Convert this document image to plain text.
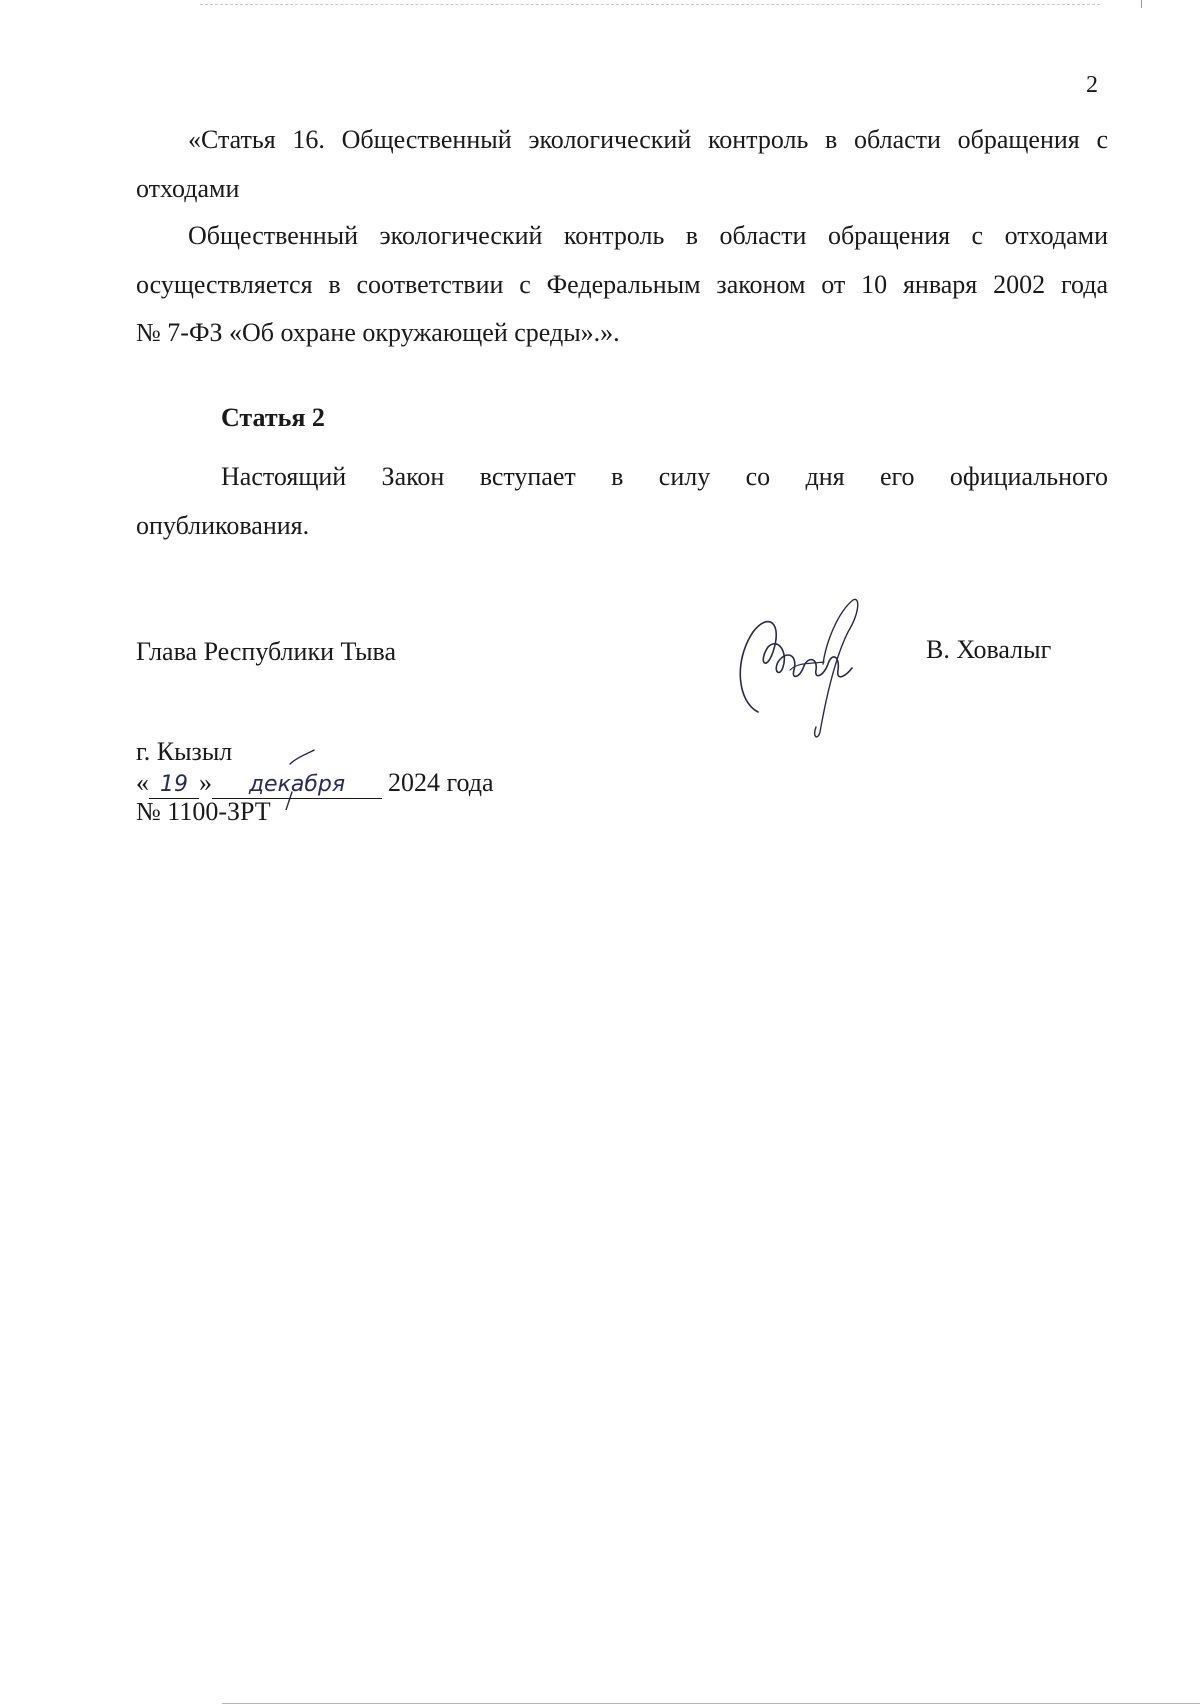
2

«Статья 16. Общественный экологический контроль в области обращения с

отходами

Общественный экологический контроль в области обращения с отходами

осуществляется в соответствии с Федеральным законом от 10 января 2002 года

№ 7-ФЗ «Об охране окружающей среды».».

Статья 2

Настоящий Закон вступает в силу со дня его официального

опубликования.

Глава Республики Тыва	В. Ховалыг
г. Кызыл
« 19 » декабря 2024 года
№ 1100-ЗРТ
